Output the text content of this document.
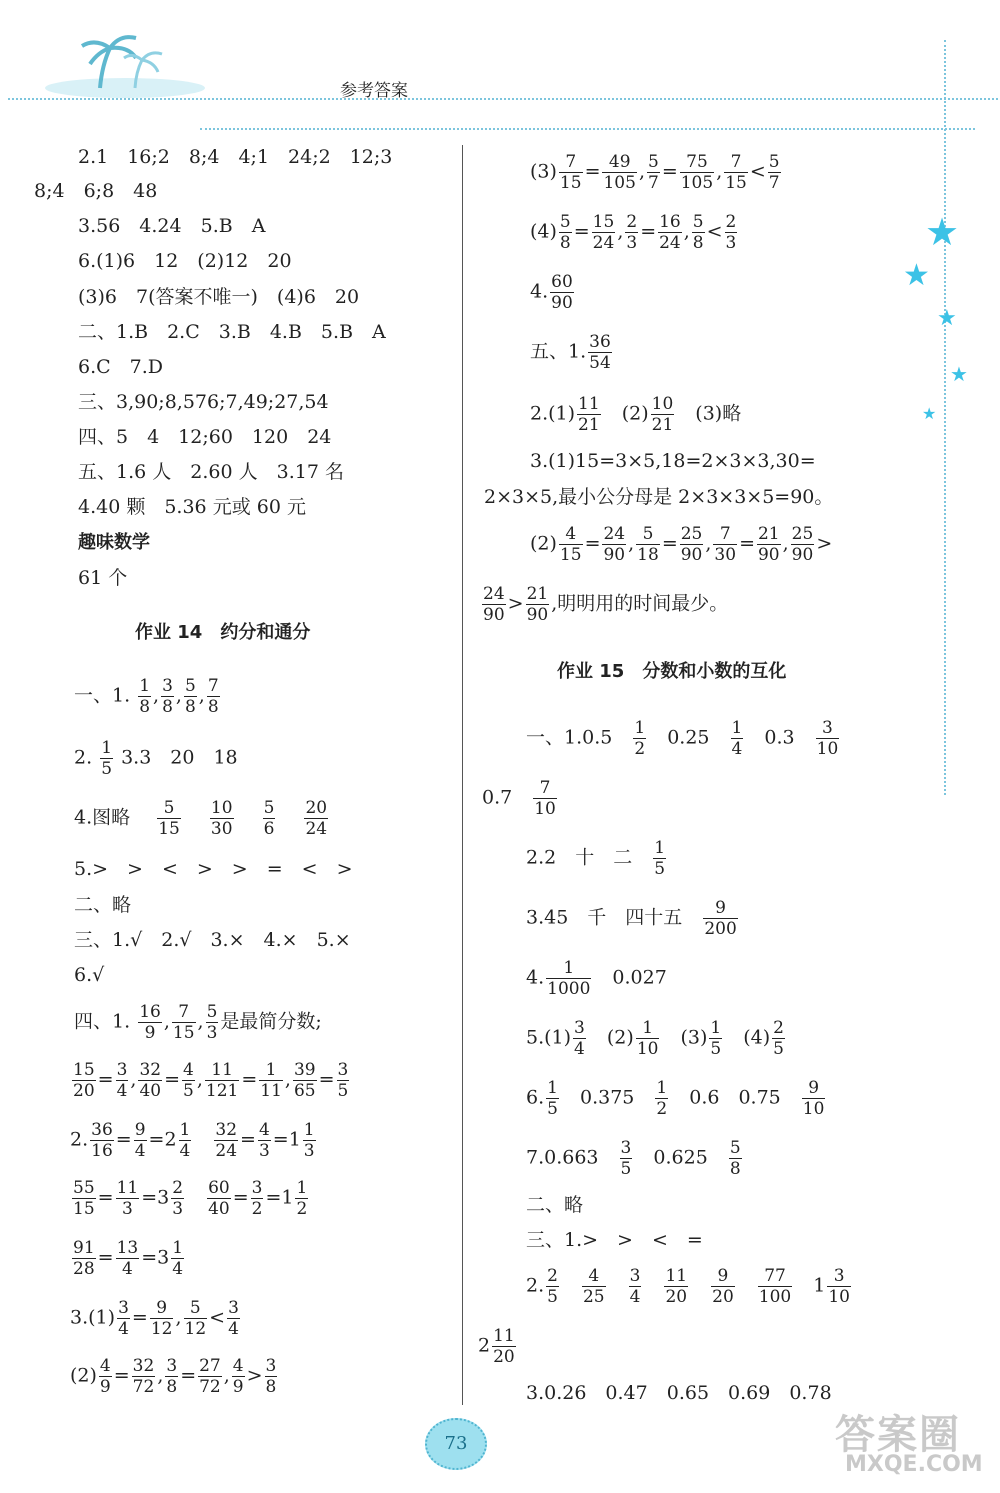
参考答案
★
★
★
★
★
2.1　16;2　8;4　4;1　24;2　12;3
8;4　6;8　48
3.56　4.24　5.B　A
6.(1)6　12　(2)12　20
(3)6　7(答案不唯一)　(4)6　20
二、1.B　2.C　3.B　4.B　5.B　A
6.C　7.D
三、3,90;8,576;7,49;27,54
四、5　4　12;60　120　24
五、1.6 人　2.60 人　3.17 名
4.40 颗　5.36 元或 60 元
趣味数学
61 个
作业 14　约分和通分
一、1. $\frac{1}{8}$ , $\frac{3}{8}$ , $\frac{5}{8}$ , $\frac{7}{8}$
2. $\frac{1}{5} 3.3$　20　18
4.图略　 $\frac{5}{15}$
　 $\frac{10}{30}$
　 $\frac{5}{6}$
　 $\frac{20}{24}$
5.>　>　<　>　>　=　<　>
二、略
三、1.√　2.√　3.×　4.×　5.×
6.√
四、1. $\frac{16}{9}$ , $\frac{7}{15}$ , $\frac{5}{3}$ 是最简分数;
$\frac{15}{20} = \frac{3}{4}$ , $\frac{32}{40} = \frac{4}{5}$ , $\frac{11}{121} = \frac{1}{11}$ , $\frac{39}{65} = \frac{3}{5}$
2. $\frac{36}{16} = \frac{9}{4} =2 \frac{1}{4}$
　 $\frac{32}{24} = \frac{4}{3} =1 \frac{1}{3}$
$\frac{55}{15} = \frac{11}{3} =3 \frac{2}{3}$
　 $\frac{60}{40} = \frac{3}{2} =1 \frac{1}{2}$
$\frac{91}{28} = \frac{13}{4} =3 \frac{1}{4}$
$3.(1) \frac{3}{4} = \frac{9}{12}$ , $\frac{5}{12} < \frac{3}{4}$
$(2) \frac{4}{9} = \frac{32}{72}$ , $\frac{3}{8} = \frac{27}{72}$ , $\frac{4}{9} > \frac{3}{8}$
$(3) \frac{7}{15} = \frac{49}{105}$ , $\frac{5}{7} = \frac{75}{105}$ , $\frac{7}{15} < \frac{5}{7}$
$(4) \frac{5}{8} = \frac{15}{24}$ , $\frac{2}{3} = \frac{16}{24}$ , $\frac{5}{8} < \frac{2}{3}$
4. $\frac{60}{90}$
五、1. $\frac{36}{54}$
$2.(1) \frac{11}{21}$
　 $(2) \frac{10}{21}$
　 (3)略
3.(1)15=3×5,18=2×3×3,30=
2×3×5,最小公分母是 2×3×3×5=90。
$(2) \frac{4}{15} = \frac{24}{90}$ , $\frac{5}{18} = \frac{25}{90}$ , $\frac{7}{30} = \frac{21}{90}$ , $\frac{25}{90}$ >
$\frac{24}{90} > \frac{21}{90}$ ,明明用的时间最少。
作业 15　分数和小数的互化
一、1.0.5　 $\frac{1}{2}$
　 0.25　 $\frac{1}{4}$
　 0.3　 $\frac{3}{10}$
0.7　 $\frac{7}{10}$
2.2　十　二　 $\frac{1}{5}$
3.45　千　四十五　 $\frac{9}{200}$
4. $\frac{1}{1000}$
　 0.027
$5.(1) \frac{3}{4}$
　 $(2) \frac{1}{10}$
　 $(3) \frac{1}{5}$
　 $(4) \frac{2}{5}$
6. $\frac{1}{5}$
　 0.375　 $\frac{1}{2}$
　 0.6　0.75　 $\frac{9}{10}$
7.0.663　 $\frac{3}{5}$
　 0.625　 $\frac{5}{8}$
二、略
三、1.>　>　<　=
2. $\frac{2}{5}$
　 $\frac{4}{25}$
　 $\frac{3}{4}$
　 $\frac{11}{20}$
　 $\frac{9}{20}$
　 $\frac{77}{100}$
　 $1 \frac{3}{10}$
$2 \frac{11}{20}$
3.0.26　0.47　0.65　0.69　0.78
73	答案圈
MXQE.COM
